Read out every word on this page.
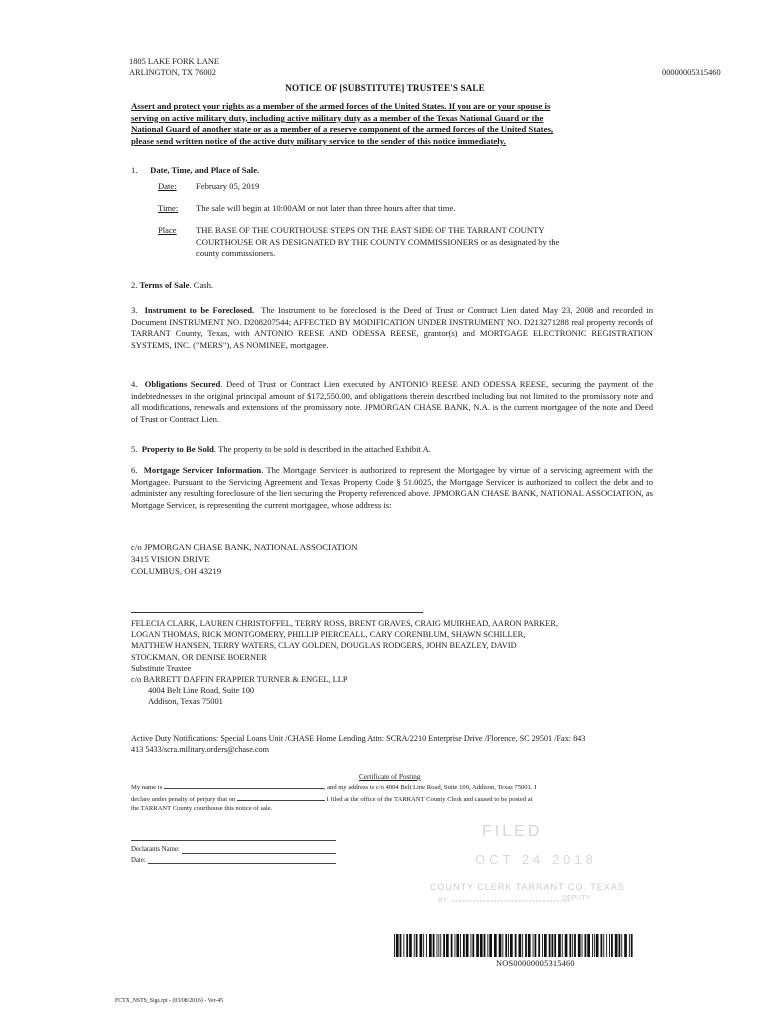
1805 LAKE FORK LANE
ARLINGTON, TX 76002	00000005315460
NOTICE OF [SUBSTITUTE] TRUSTEE'S SALE
Assert and protect your rights as a member of the armed forces of the United States. If you are or your spouse is
serving on active military duty, including active military duty as a member of the Texas National Guard or the
National Guard of another state or as a member of a reserve component of the armed forces of the United States,
please send written notice of the active duty military service to the sender of this notice immediately.
1. Date, Time, and Place of Sale.
Date: February 05, 2019
Time: The sale will begin at 10:00AM or not later than three hours after that time.
Place THE BASE OF THE COURTHOUSE STEPS ON THE EAST SIDE OF THE TARRANT COUNTY
COURTHOUSE OR AS DESIGNATED BY THE COUNTY COMMISSIONERS or as designated by the
county commissioners.
2. Terms of Sale. Cash.
3. Instrument to be Foreclosed. The Instrument to be foreclosed is the Deed of Trust or Contract Lien dated May 23, 2008 and recorded in Document INSTRUMENT NO. D208207544; AFFECTED BY MODIFICATION UNDER INSTRUMENT NO. D213271288 real property records of TARRANT County, Texas, with ANTONIO REESE AND ODESSA REESE, grantor(s) and MORTGAGE ELECTRONIC REGISTRATION SYSTEMS, INC. ("MERS"), AS NOMINEE, mortgagee.
4. Obligations Secured. Deed of Trust or Contract Lien executed by ANTONIO REESE AND ODESSA REESE, securing the payment of the indebtednesses in the original principal amount of $172,550.00, and obligations therein described including but not limited to the promissory note and all modifications, renewals and extensions of the promissory note. JPMORGAN CHASE BANK, N.A. is the current mortgagee of the note and Deed of Trust or Contract Lien.
5. Property to Be Sold. The property to be sold is described in the attached Exhibit A.
6. Mortgage Servicer Information. The Mortgage Servicer is authorized to represent the Mortgagee by virtue of a servicing agreement with the Mortgagee. Pursuant to the Servicing Agreement and Texas Property Code § 51.0025, the Mortgage Servicer is authorized to collect the debt and to administer any resulting foreclosure of the lien securing the Property referenced above. JPMORGAN CHASE BANK, NATIONAL ASSOCIATION, as Mortgage Servicer, is representing the current mortgagee, whose address is:
c/o JPMORGAN CHASE BANK, NATIONAL ASSOCIATION
3415 VISION DRIVE
COLUMBUS, OH 43219
FELECIA CLARK, LAUREN CHRISTOFFEL, TERRY ROSS, BRENT GRAVES, CRAIG MUIRHEAD, AARON PARKER,
LOGAN THOMAS, RICK MONTGOMERY, PHILLIP PIERCEALL, CARY CORENBLUM, SHAWN SCHILLER,
MATTHEW HANSEN, TERRY WATERS, CLAY GOLDEN, DOUGLAS RODGERS, JOHN BEAZLEY, DAVID
STOCKMAN, OR DENISE BOERNER
Substitute Trustee
c/o BARRETT DAFFIN FRAPPIER TURNER & ENGEL, LLP
4004 Belt Line Road, Suite 100
Addison, Texas 75001
Active Duty Notifications: Special Loans Unit /CHASE Home Lending Attn: SCRA/2210 Enterprise Drive /Florence, SC 29501 /Fax: 843
413 5433/scra.military.orders@chase.com
Certificate of Posting
My name is	, and my address is c/o 4004 Belt Line Road, Suite 100, Addison, Texas 75001. I
declare under penalty of perjury that on	I filed at the office of the TARRANT County Clerk and caused to be posted at
the TARRANT County courthouse this notice of sale.
Declarants Name:
Date:
FILED
OCT 24 2018
COUNTY CLERK TARRANT CO. TEXAS
BY	DEPUTY
NOS00000005315460
FCTX_NSTS_Sigs.rpt - (03/08/2016) - Ver-45
